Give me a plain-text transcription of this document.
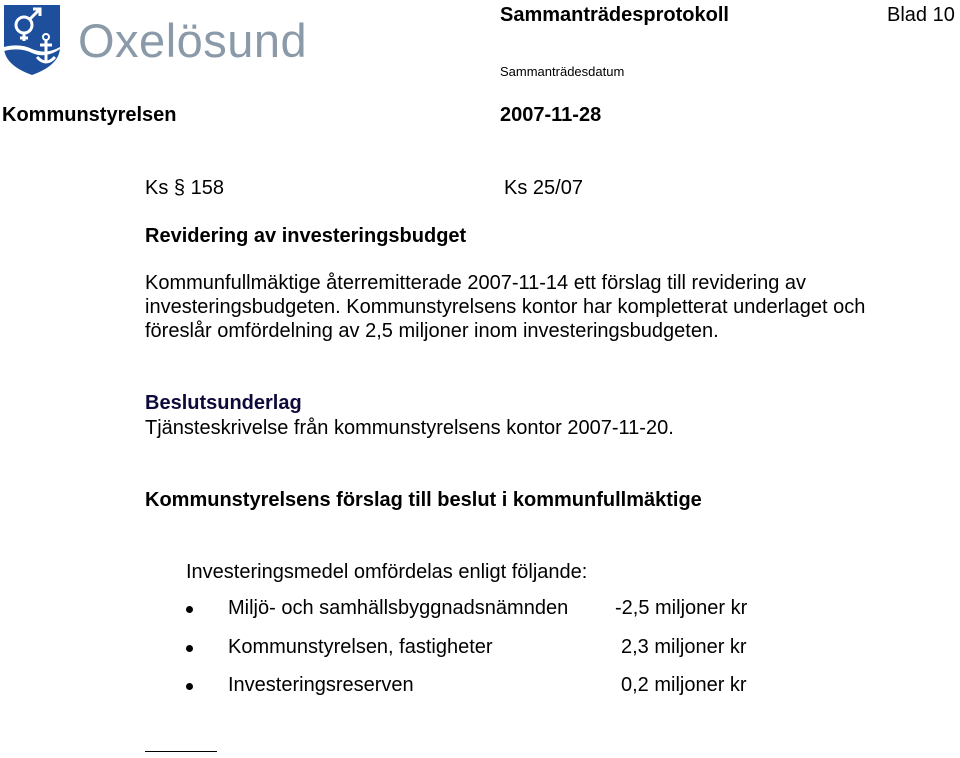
Oxelösund	Sammanträdesprotokoll	Blad 10
Sammanträdesdatum
Kommunstyrelsen	2007-11-28
Ks § 158	Ks 25/07
Revidering av investeringsbudget
Kommunfullmäktige återremitterade 2007-11-14 ett förslag till revidering av
investeringsbudgeten. Kommunstyrelsens kontor har kompletterat underlaget och
föreslår omfördelning av 2,5 miljoner inom investeringsbudgeten.
Beslutsunderlag
Tjänsteskrivelse från kommunstyrelsens kontor 2007-11-20.
Kommunstyrelsens förslag till beslut i kommunfullmäktige
Investeringsmedel omfördelas enligt följande:
Miljö- och samhällsbyggnadsnämnden -2,5 miljoner kr
Kommunstyrelsen, fastigheter	2,3 miljoner kr
Investeringsreserven	0,2 miljoner kr
